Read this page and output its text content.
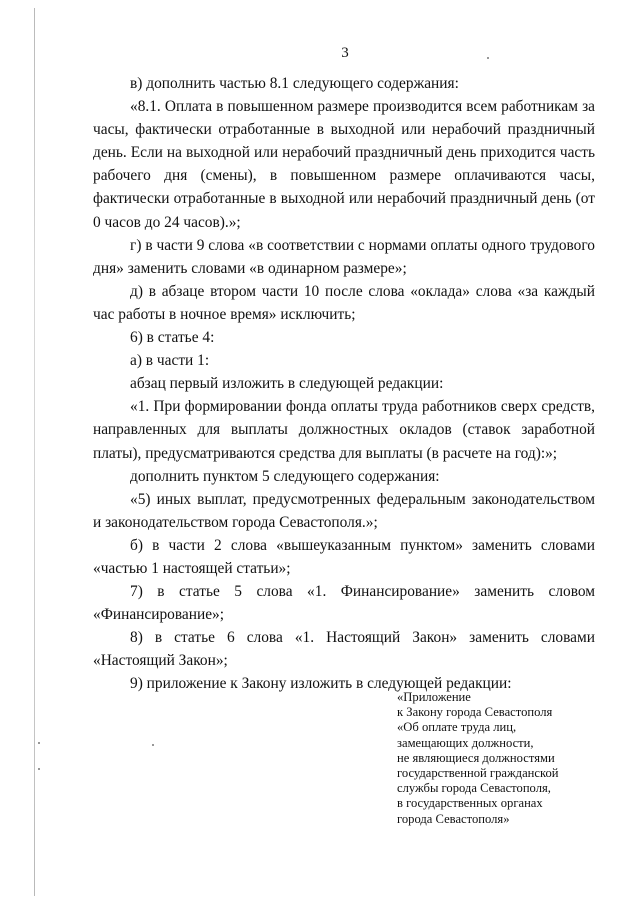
3

в) дополнить частью 8.1 следующего содержания:

«8.1. Оплата в повышенном размере производится всем работникам за часы, фактически отработанные в выходной или нерабочий праздничный день. Если на выходной или нерабочий праздничный день приходится часть рабочего дня (смены), в повышенном размере оплачиваются часы, фактически отработанные в выходной или нерабочий праздничный день (от 0 часов до 24 часов).»;

г) в части 9 слова «в соответствии с нормами оплаты одного трудового дня» заменить словами «в одинарном размере»;

д) в абзаце втором части 10 после слова «оклада» слова «за каждый час работы в ночное время» исключить;

6) в статье 4:

а) в части 1:

абзац первый изложить в следующей редакции:

«1. При формировании фонда оплаты труда работников сверх средств, направленных для выплаты должностных окладов (ставок заработной платы), предусматриваются средства для выплаты (в расчете на год):»;

дополнить пунктом 5 следующего содержания:

«5) иных выплат, предусмотренных федеральным законодательством и законодательством города Севастополя.»;

б) в части 2 слова «вышеуказанным пунктом» заменить словами «частью 1 настоящей статьи»;

7) в статье 5 слова «1. Финансирование» заменить словом «Финансирование»;

8) в статье 6 слова «1. Настоящий Закон» заменить словами «Настоящий Закон»;

9) приложение к Закону изложить в следующей редакции:

«Приложение
к Закону города Севастополя
«Об оплате труда лиц,
замещающих должности,
не являющиеся должностями
государственной гражданской
службы города Севастополя,
в государственных органах
города Севастополя»
